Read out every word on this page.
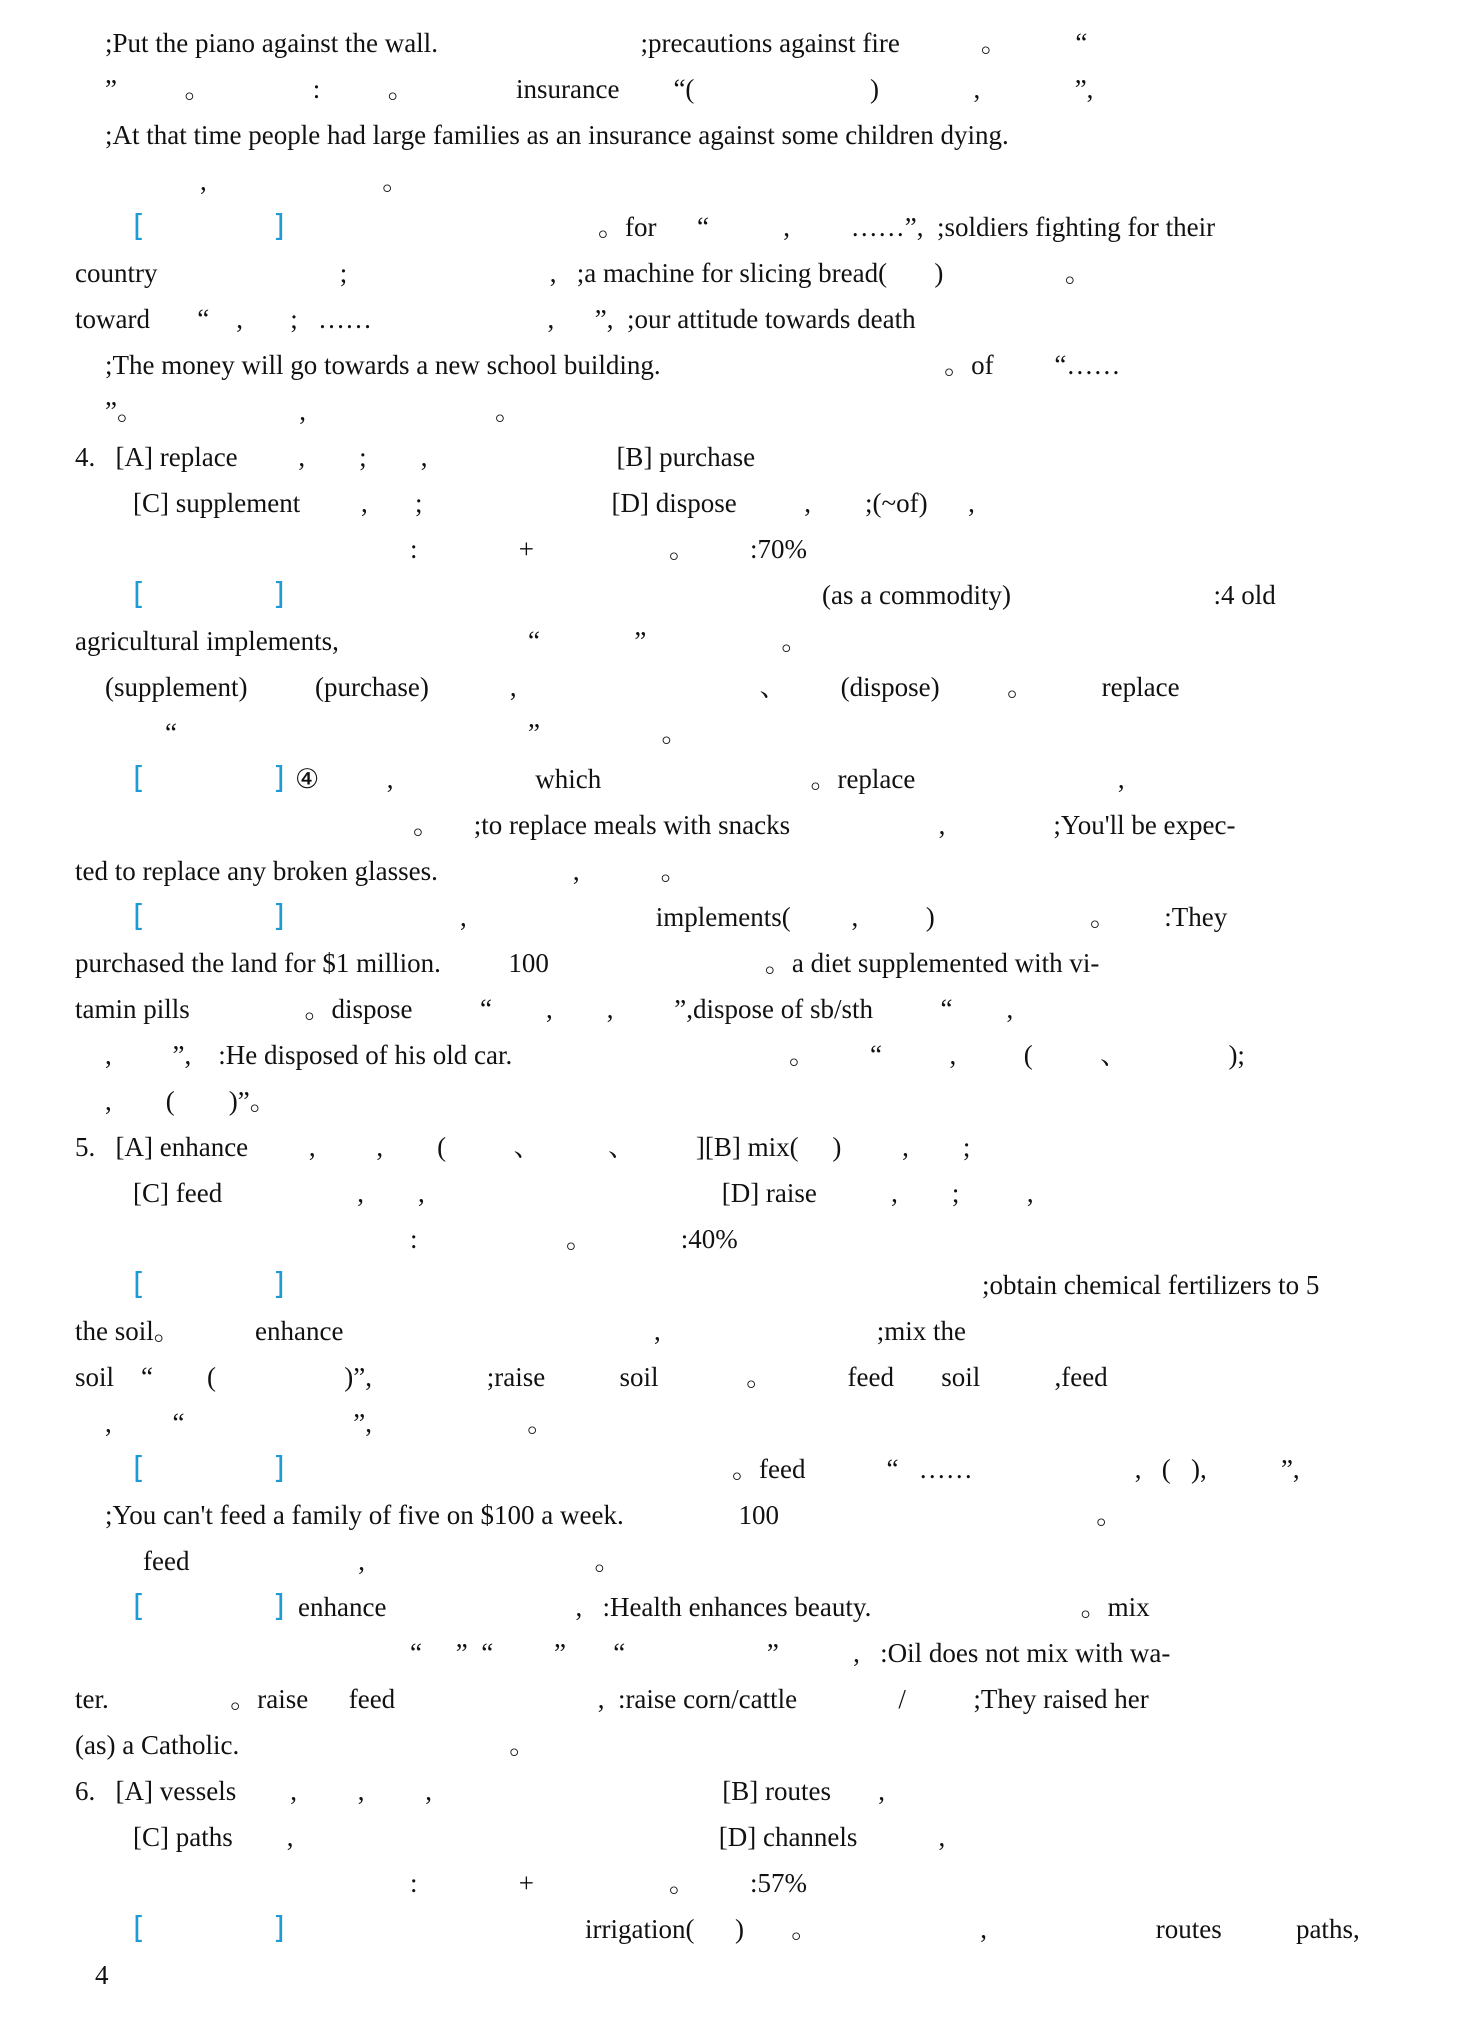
;Put the piano against the wall.                              ;precautions against fire            。          “
”          。               :          。               insurance        “(                          )              ,              ”,
;At that time people had large families as an insurance against some children dying.
,                          。
[	]	。for      “           ,         ……”,  ;soldiers fighting for their
country                           ;                              ,   ;a machine for slicing bread(       )                  。
toward       “    ,       ;   ……                          ,      ”,  ;our attitude towards death
;The money will go towards a new school building.                                          。of         “……
”。                       ,                            。
4.   [A] replace         ,        ;        ,                            [B] purchase
[C] supplement         ,       ;                            [D] dispose          ,        ;(~of)      ,
:               +                    。        :70%
[	]	(as a commodity)                              :4 old
agricultural implements,                            “              ”                    。
(supplement)          (purchase)            ,                                    、        (dispose)          。          replace
“                                                    ”                  。
[	] ④          ,                     which                               。replace                              ,
。     ;to replace meals with snacks                      ,                ;You'll be expec-
ted to replace any broken glasses.                    ,            。
[	]	,                            implements(         ,          )                       。       :They
purchased the land for $1 million.          100                                。a diet supplemented with vi-
tamin pills                 。dispose          “        ,        ,         ”,dispose of sb/sth          “        ,
,         ”,    :He disposed of his old car.                                         。        “          ,          (          、               );
,        (        )”。
5.   [A] enhance         ,         ,        (          、          、         ][B] mix(     )         ,        ;
[C] feed                    ,        ,                                            [D] raise           ,        ;          ,
:                      。             :40%
[	]	;obtain chemical fertilizers to 5
the soil。           enhance                                              ,                                ;mix the
soil    “        (                   )”,                 ;raise           soil             。           feed       soil           ,feed
,         “                         ”,                       。
[	]	。feed            “   ……                        ,   (   ),           ”,
;You can't feed a family of five on $100 a week.                 100                                               。
feed                         ,                                  。
[	] enhance                            ,   :Health enhances beauty.                               。mix
“     ”  “         ”       “                     ”           ,   :Oil does not mix with wa-
ter.                  。raise      feed                              ,  :raise corn/cattle               /          ;They raised her
(as) a Catholic.                                        。
6.   [A] vessels        ,         ,         ,                                           [B] routes       ,
[C] paths        ,                                                               [D] channels            ,
:               +                    。        :57%
[	]	irrigation(      )       。                        ,                         routes           paths,
4
